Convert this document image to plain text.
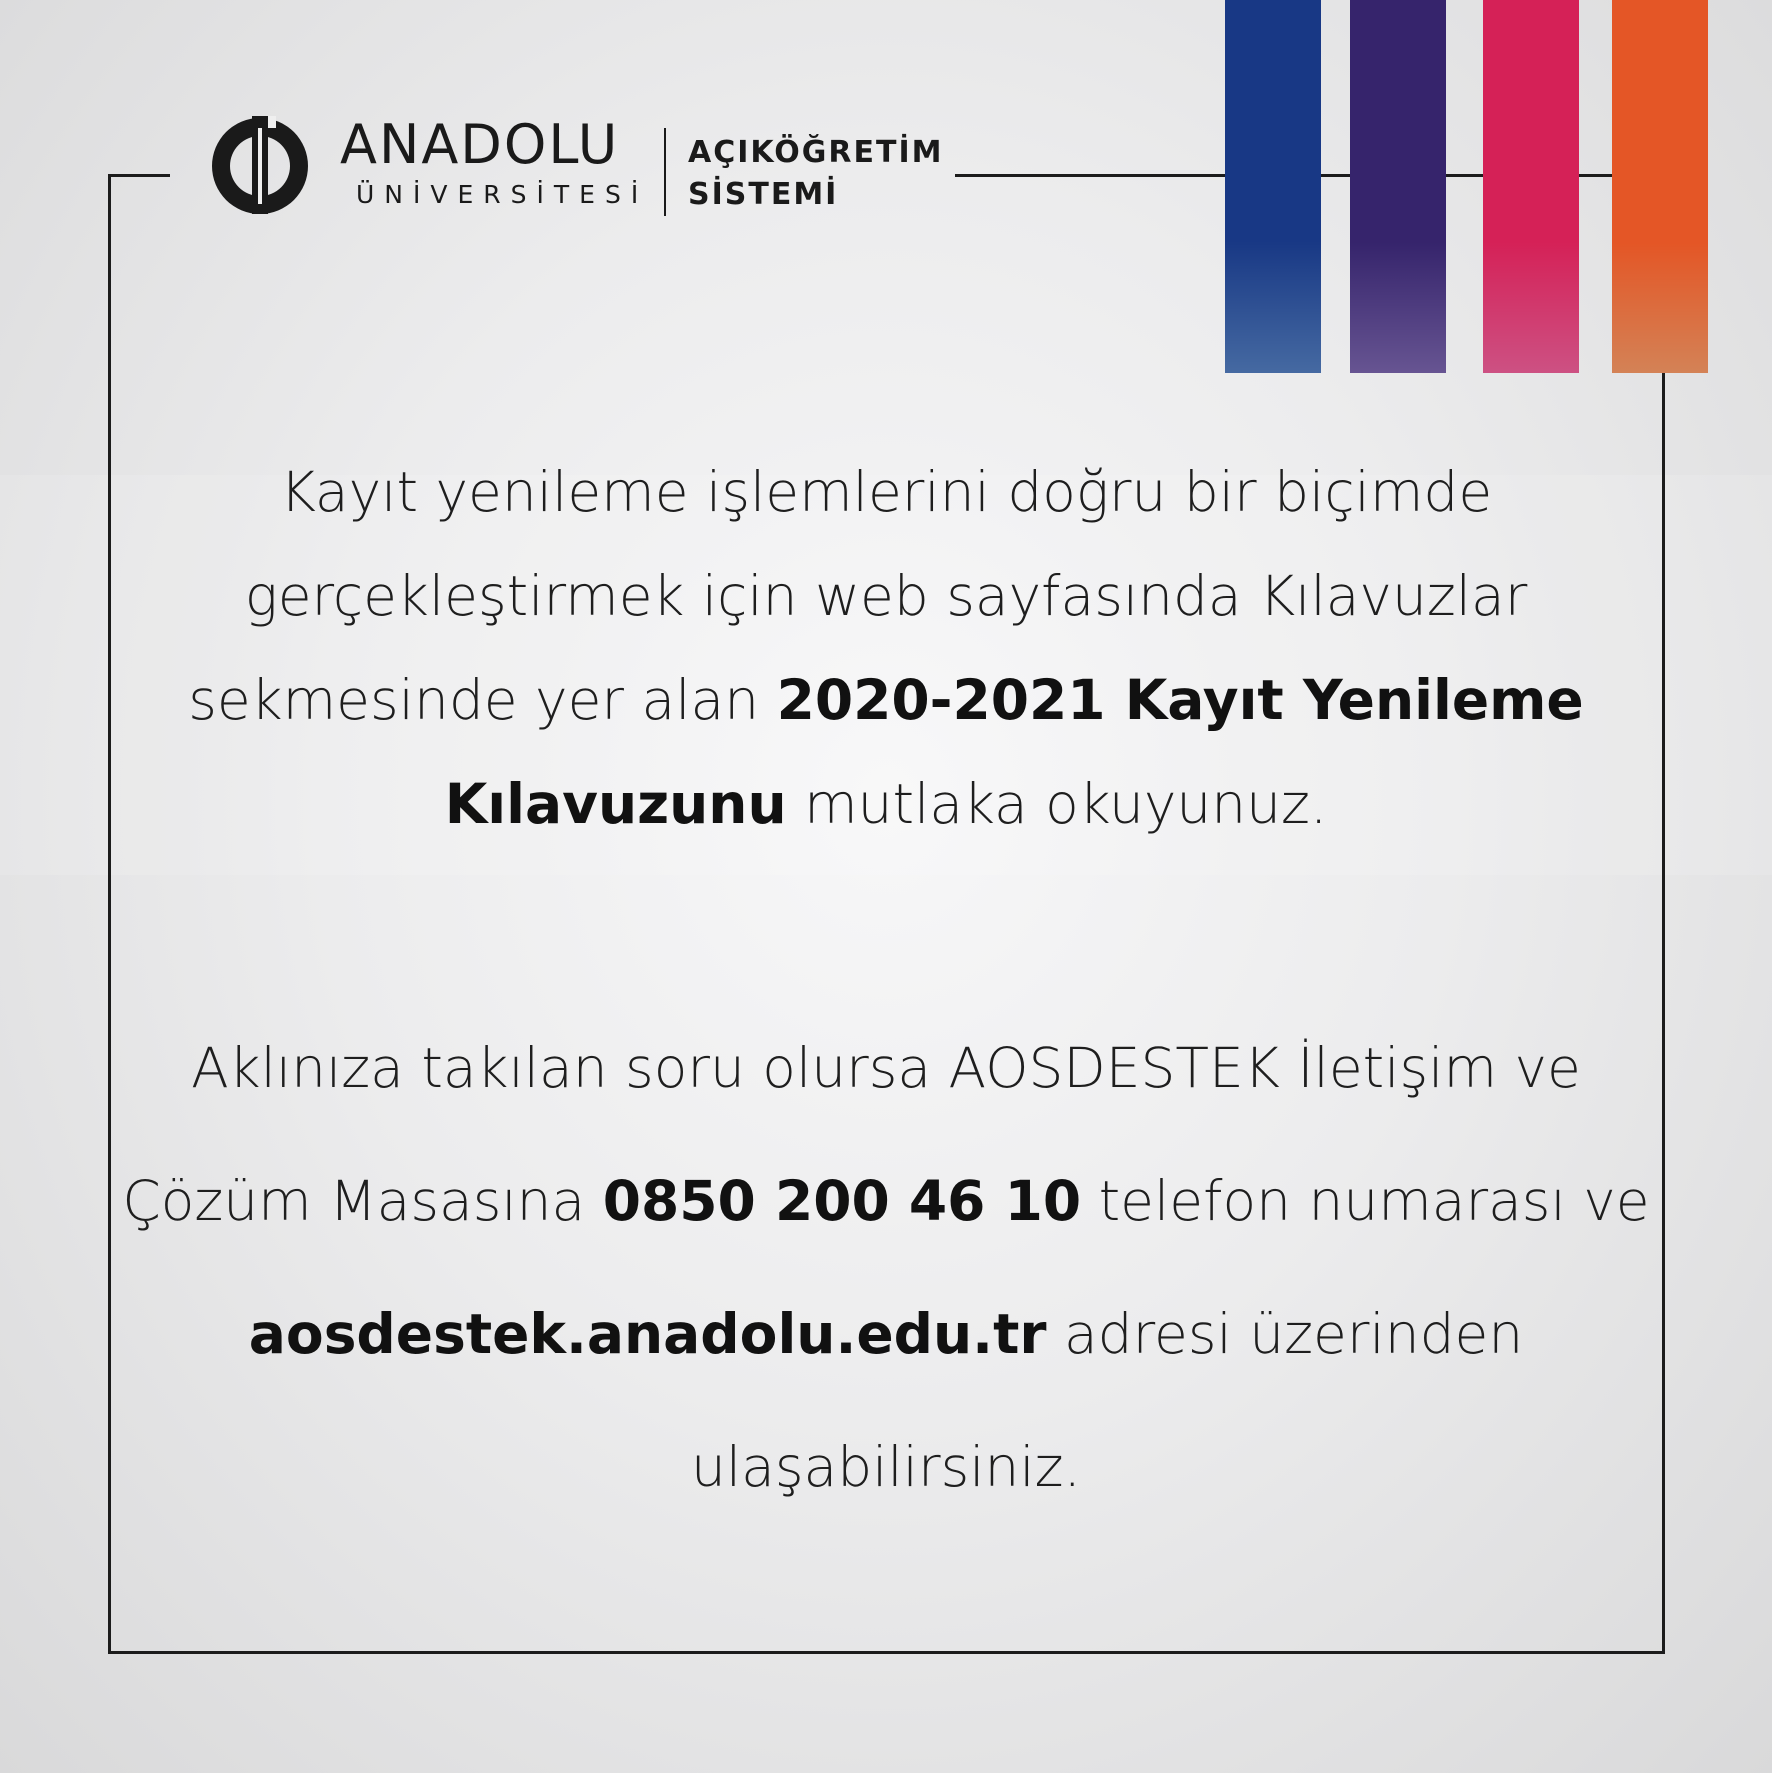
ANADOLU
ÜNİVERSİTESİ
AÇIKÖĞRETİM
SİSTEMİ
Kayıt yenileme işlemlerini doğru bir biçimde gerçekleştirmek için web sayfasında Kılavuzlar sekmesinde yer alan 2020-2021 Kayıt Yenileme Kılavuzunu mutlaka okuyunuz.
Aklınıza takılan soru olursa AOSDESTEK İletişim ve Çözüm Masasına 0850 200 46 10 telefon numarası ve aosdestek.anadolu.edu.tr adresi üzerinden ulaşabilirsiniz.
